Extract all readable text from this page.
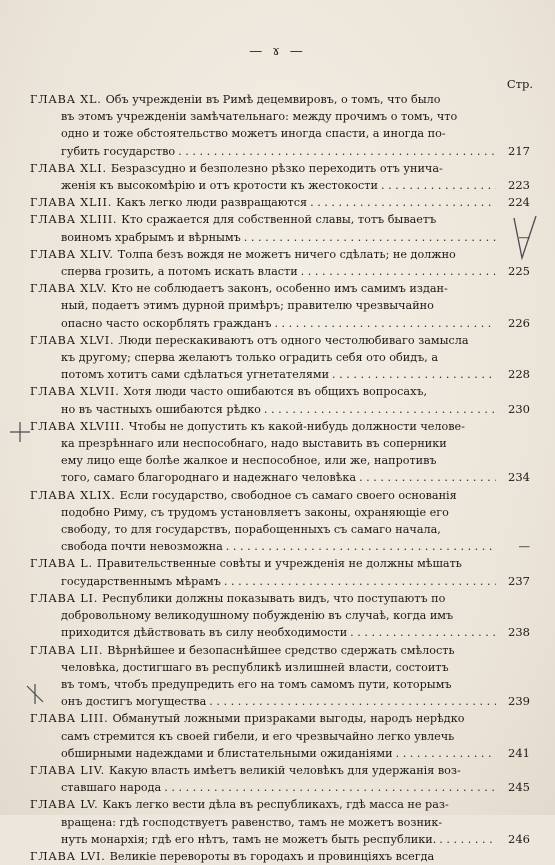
— ɤ —
Стр.
ГЛАВА XL. Объ учрежденіи въ Римѣ децемвировъ, о томъ, что было
въ этомъ учрежденіи замѣчательнаго: между прочимъ о томъ, что
одно и тоже обстоятельство можетъ иногда спасти, а иногда по-
губить государство . . .	217
ГЛАВА XLI. Безразсудно и безполезно рѣзко переходить отъ унича-
женія къ высокомѣрію и отъ кротости къ жестокости . . .	223
ГЛАВА XLII. Какъ легко люди развращаются . . .	224
ГЛАВА XLIII. Кто сражается для собственной славы, тотъ бываетъ
воиномъ храбрымъ и вѣрнымъ . . .	—
ГЛАВА XLIV. Толпа безъ вождя не можетъ ничего сдѣлать; не должно
сперва грозить, а потомъ искать власти . . .	225
ГЛАВА XLV. Кто не соблюдаетъ законъ, особенно имъ самимъ издан-
ный, подаетъ этимъ дурной примѣръ; правителю чрезвычайно
опасно часто оскорблять гражданъ . . .	226
ГЛАВА XLVI. Люди перескакиваютъ отъ одного честолюбиваго замысла
къ другому; сперва желаютъ только оградить себя ото обидъ, а
потомъ хотитъ сами сдѣлаться угнетателями . . .	228
ГЛАВА XLVII. Хотя люди часто ошибаются въ общихъ вопросахъ,
но въ частныхъ ошибаются рѣдко . . .	230
ГЛАВА XLVIII. Чтобы не допустить къ какой-нибудь должности челове-
ка презрѣннаго или неспособнаго, надо выставить въ соперники
ему лицо еще болѣе жалкое и неспособное, или же, напротивъ
того, самаго благороднаго и надежнаго человѣка . . .	234
ГЛАВА XLIX. Если государство, свободное съ самаго своего основанія
подобно Риму, съ трудомъ установляетъ законы, охраняющіе его
свободу, то для государствъ, порабощенныхъ съ самаго начала,
свобода почти невозможна . . .	—
ГЛАВА L. Правительственные совѣты и учрежденія не должны мѣшать
государственнымъ мѣрамъ . . .	237
ГЛАВА LI. Республики должны показывать видъ, что поступаютъ по
добровольному великодушному побужденію въ случаѣ, когда имъ
приходится дѣйствовать въ силу необходимости . . .	238
ГЛАВА LII. Вѣрнѣйшее и безопаснѣйшее средство сдержать смѣлость
человѣка, достигшаго въ республикѣ излишней власти, состоитъ
въ томъ, чтобъ предупредить его на томъ самомъ пути, которымъ
онъ достигъ могущества . . .	239
ГЛАВА LIII. Обманутый ложными призраками выгоды, народъ нерѣдко
самъ стремится къ своей гибели, и его чрезвычайно легко увлечь
обширными надеждами и блистательными ожиданіями . . .	241
ГЛАВА LIV. Какую власть имѣетъ великій человѣкъ для удержанія воз-
ставшаго народа . . .	245
ГЛАВА LV. Какъ легко вести дѣла въ республикахъ, гдѣ масса не раз-
вращена: гдѣ господствуетъ равенство, тамъ не можетъ возник-
нуть монархія; гдѣ его нѣтъ, тамъ не можетъ быть республики. . . .	246
ГЛАВА LVI. Великіе перевороты въ городахъ и провинціяхъ всегда
